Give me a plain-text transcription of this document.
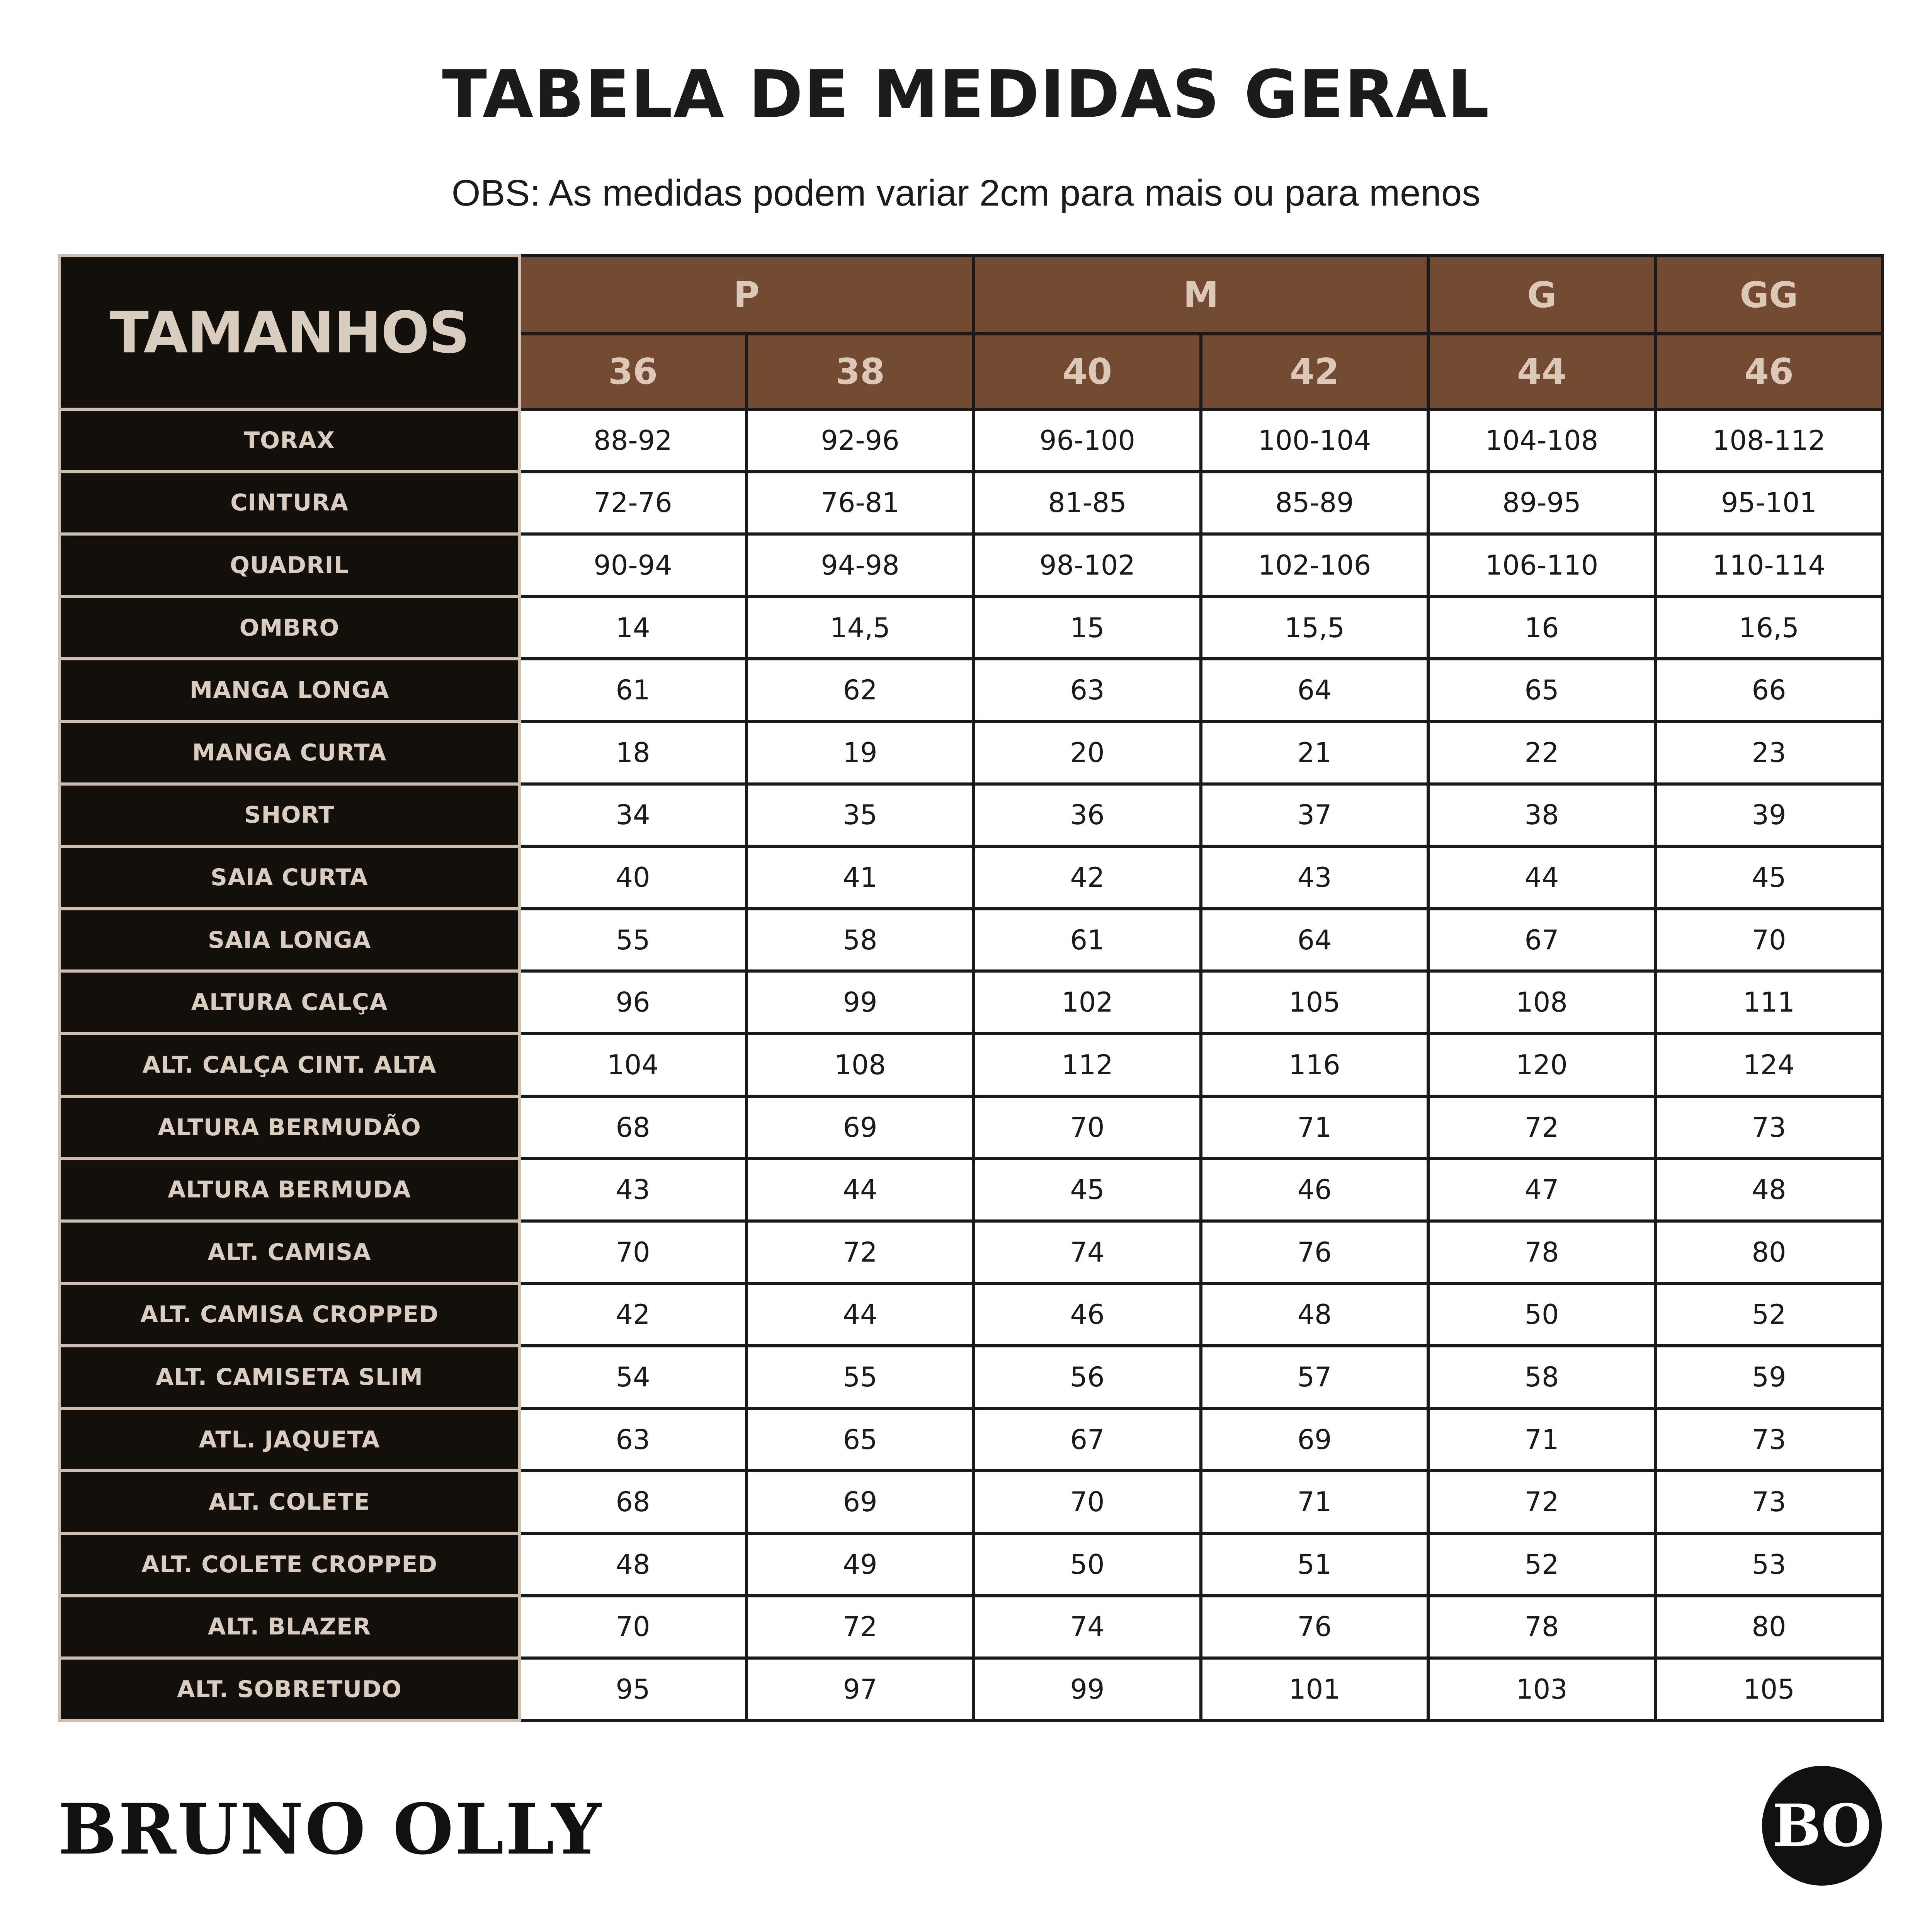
TABELA DE MEDIDAS GERAL
OBS: As medidas podem variar 2cm para mais ou para menos
TAMANHOS	P		M		G	GG
	36	38	40	42	44	46
TORAX	88-92	92-96	96-100	100-104	104-108	108-112
CINTURA	72-76	76-81	81-85	85-89	89-95	95-101
QUADRIL	90-94	94-98	98-102	102-106	106-110	110-114
OMBRO	14	14,5	15	15,5	16	16,5
MANGA LONGA	61	62	63	64	65	66
MANGA CURTA	18	19	20	21	22	23
SHORT	34	35	36	37	38	39
SAIA CURTA	40	41	42	43	44	45
SAIA LONGA	55	58	61	64	67	70
ALTURA CALÇA	96	99	102	105	108	111
ALT. CALÇA CINT. ALTA	104	108	112	116	120	124
ALTURA BERMUDÃO	68	69	70	71	72	73
ALTURA BERMUDA	43	44	45	46	47	48
ALT. CAMISA	70	72	74	76	78	80
ALT. CAMISA CROPPED	42	44	46	48	50	52
ALT. CAMISETA SLIM	54	55	56	57	58	59
ATL. JAQUETA	63	65	67	69	71	73
ALT. COLETE	68	69	70	71	72	73
ALT. COLETE CROPPED	48	49	50	51	52	53
ALT. BLAZER	70	72	74	76	78	80
ALT. SOBRETUDO	95	97	99	101	103	105
BRUNO OLLY	B O
